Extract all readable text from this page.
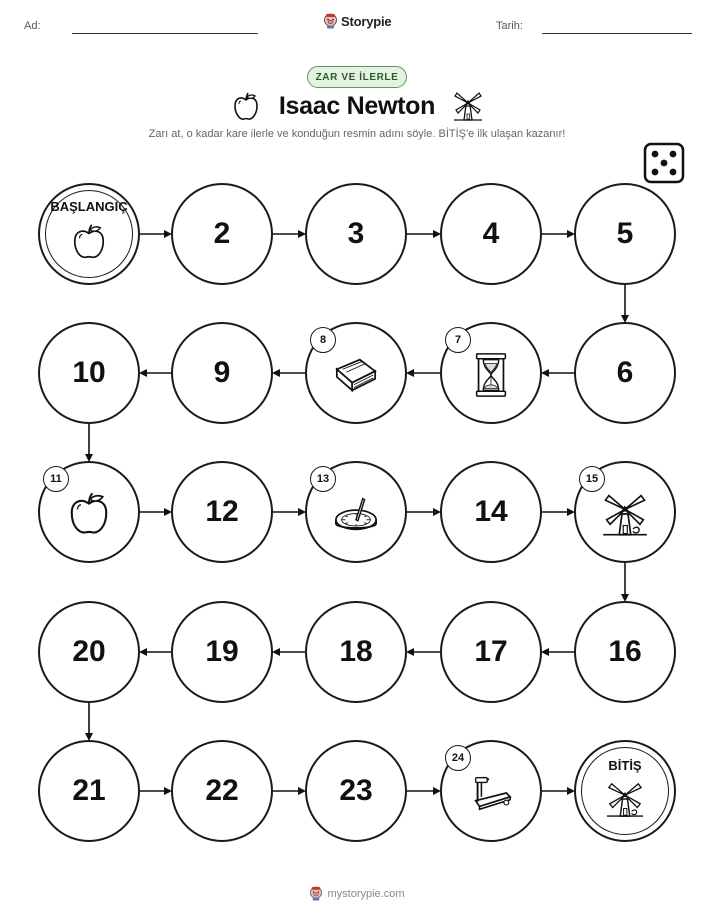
Ad:	Storypie	Tarih:
ZAR VE İLERLE
Isaac Newton
Zarı at, o kadar kare ilerle ve konduğun resmin adını söyle. BİTİŞ'e ilk ulaşan kazanır!
BAŞLANGIÇ
2	3	4	5
6
9
10
12	14
16
17
18
19
20
21	22	23
BİTİŞ
7
8
11	13	15
24
mystorypie.com
